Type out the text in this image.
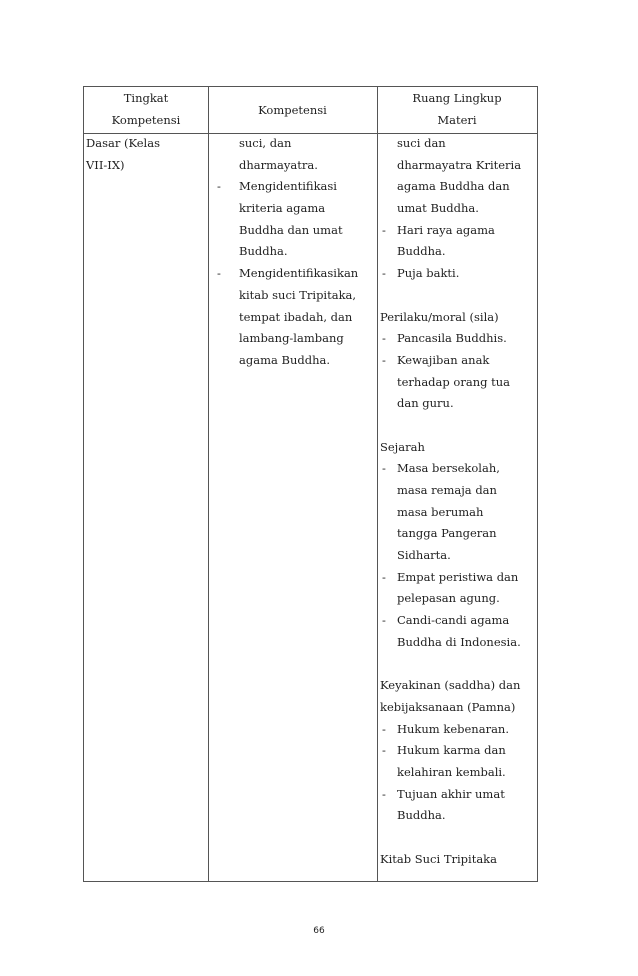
Tingkat
Kompetensi
Kompetensi
Ruang Lingkup
Materi
Dasar (Kelas
VII-IX)
suci, dan
dharmayatra.
- Mengidentifikasi
kriteria agama
Buddha dan umat
Buddha.
- Mengidentifikasikan
kitab suci Tripitaka,
tempat ibadah, dan
lambang-lambang
agama Buddha.
suci dan
dharmayatra Kriteria
agama Buddha dan
umat Buddha.
- Hari raya agama
Buddha.
- Puja bakti.
Perilaku/moral (sila)
- Pancasila Buddhis.
- Kewajiban anak
terhadap orang tua
dan guru.
Sejarah
- Masa bersekolah,
masa remaja dan
masa berumah
tangga Pangeran
Sidharta.
- Empat peristiwa dan
pelepasan agung.
- Candi-candi agama
Buddha di Indonesia.
Keyakinan (saddha) dan
kebijaksanaan (Pamna)
- Hukum kebenaran.
- Hukum karma dan
kelahiran kembali.
- Tujuan akhir umat
Buddha.
Kitab Suci Tripitaka
66
